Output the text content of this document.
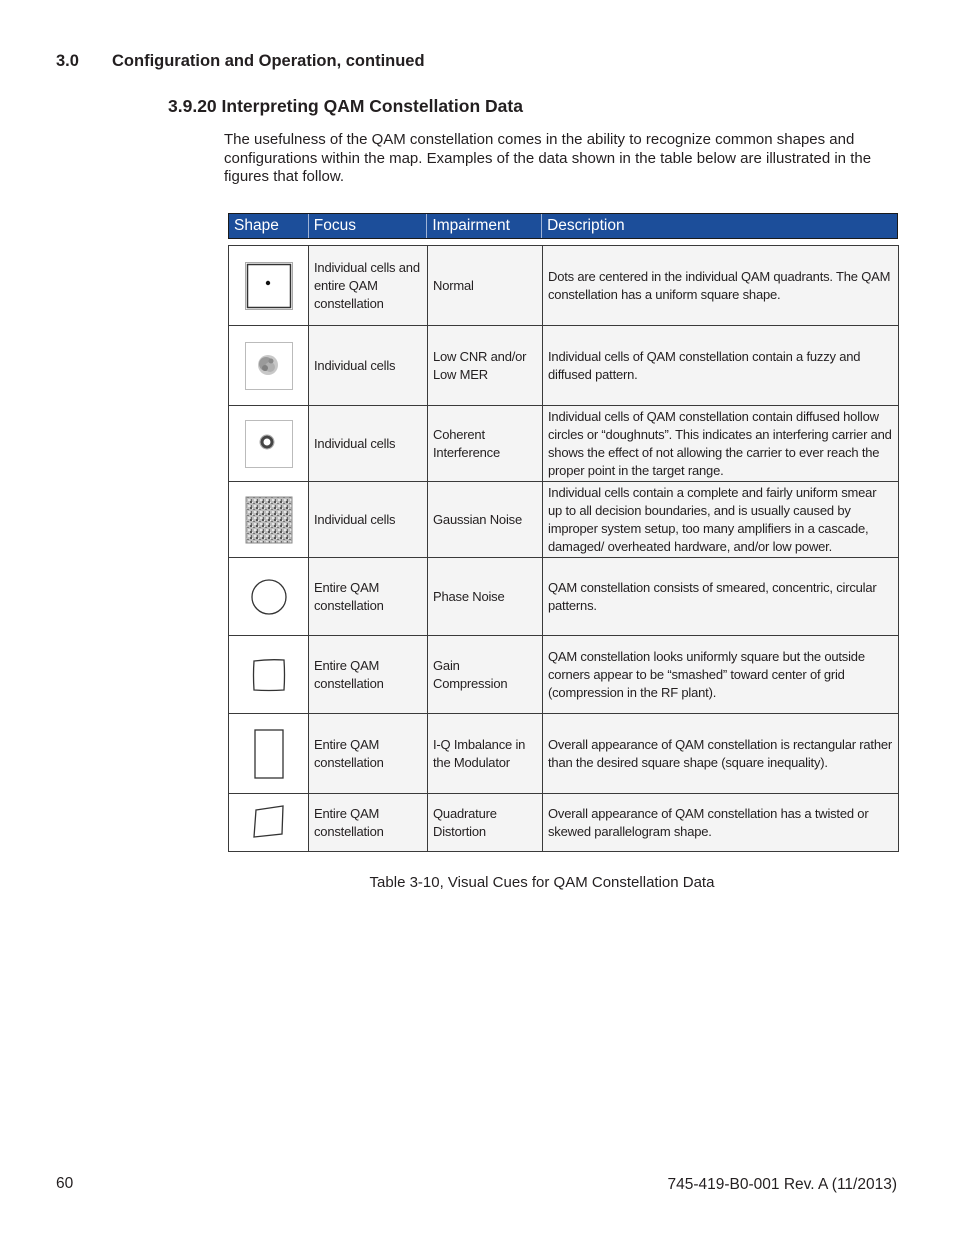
3.0 Configuration and Operation, continued
3.9.20 Interpreting QAM Constellation Data

The usefulness of the QAM constellation comes in the ability to recognize common shapes and configurations within the map. Examples of the data shown in the table below are illustrated in the figures that follow.

Shape	Focus	Impairment	Description
	Individual cells and entire QAM constellation	Normal	Dots are centered in the individual QAM quadrants. The QAM constellation has a uniform square shape.

	Individual cells	Low CNR and/or Low MER	Individual cells of QAM constellation contain a fuzzy and diffused pattern.

	Individual cells	Coherent Interference	Individual cells of QAM constellation contain diffused hollow circles or “doughnuts”. This indicates an interfering carrier and shows the effect of not allowing the carrier to ever reach the proper point in the target range.

	Individual cells	Gaussian Noise	Individual cells contain a complete and fairly uniform smear up to all decision boundaries, and is usually caused by improper system setup, too many amplifiers in a cascade, damaged/ overheated hardware, and/or low power.

	Entire QAM constellation	Phase Noise	QAM constellation consists of smeared, concentric, circular patterns.

	Entire QAM constellation	Gain Compression	QAM constellation looks uniformly square but the outside corners appear to be “smashed” toward center of grid (compression in the RF plant).

	Entire QAM constellation	I-Q Imbalance in the Modulator	Overall appearance of QAM constellation is rectangular rather than the desired square shape (square inequality).

	Entire QAM constellation	Quadrature Distortion	Overall appearance of QAM constellation has a twisted or skewed parallelogram shape.
Table 3-10, Visual Cues for QAM Constellation Data
60	745-419-B0-001 Rev. A (11/2013)
